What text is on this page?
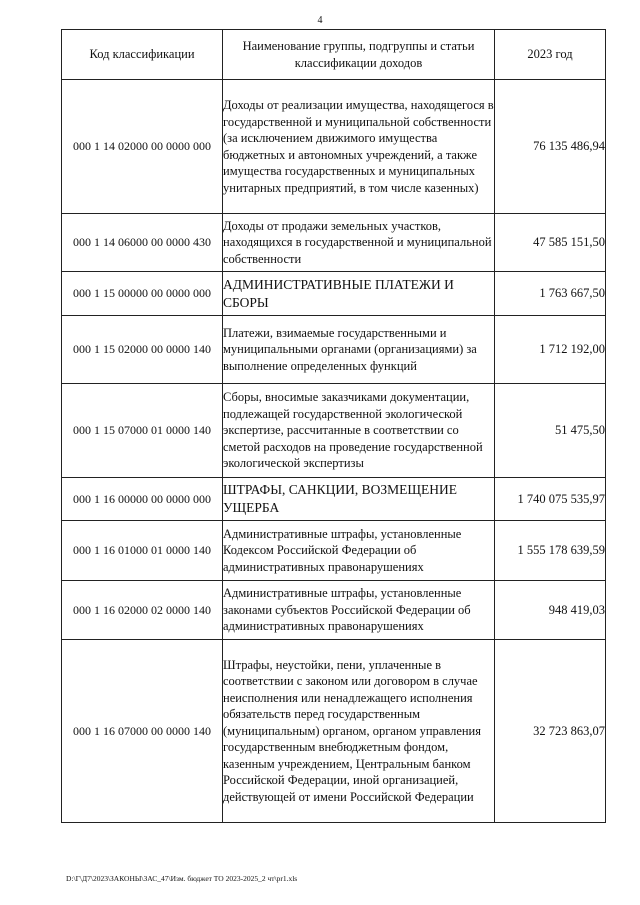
4
Код классификации	Наименование группы, подгруппы и статьи классификации доходов	2023 год
000 1 14 02000 00 0000 000	Доходы от реализации имущества, находящегося в государственной и муниципальной собственности (за исключением движимого имущества бюджетных и автономных учреждений, а также имущества государственных и муниципальных унитарных предприятий, в том числе казенных)	76 135 486,94
000 1 14 06000 00 0000 430	Доходы от продажи земельных участков, находящихся в государственной и муниципальной собственности	47 585 151,50
000 1 15 00000 00 0000 000	АДМИНИСТРАТИВНЫЕ ПЛАТЕЖИ И СБОРЫ	1 763 667,50
000 1 15 02000 00 0000 140	Платежи, взимаемые государственными и муниципальными органами (организациями) за выполнение определенных функций	1 712 192,00
000 1 15 07000 01 0000 140	Сборы, вносимые заказчиками документации, подлежащей государственной экологической экспертизе, рассчитанные в соответствии со сметой расходов на проведение государственной экологической экспертизы	51 475,50
000 1 16 00000 00 0000 000	ШТРАФЫ, САНКЦИИ, ВОЗМЕЩЕНИЕ УЩЕРБА	1 740 075 535,97
000 1 16 01000 01 0000 140	Административные штрафы, установленные Кодексом Российской Федерации об административных правонарушениях	1 555 178 639,59
000 1 16 02000 02 0000 140	Административные штрафы, установленные законами субъектов Российской Федерации об административных правонарушениях	948 419,03
000 1 16 07000 00 0000 140	Штрафы, неустойки, пени, уплаченные в соответствии с законом или договором в случае неисполнения или ненадлежащего исполнения обязательств перед государственным (муниципальным) органом, органом управления государственным внебюджетным фондом, казенным учреждением, Центральным банком Российской Федерации, иной организацией, действующей от имени Российской Федерации	32 723 863,07
D:\Г\Д7\2023\ЗАКОНЫ\ЗАС_47\Изм. бюджет ТО 2023-2025_2 чт\pr1.xls
